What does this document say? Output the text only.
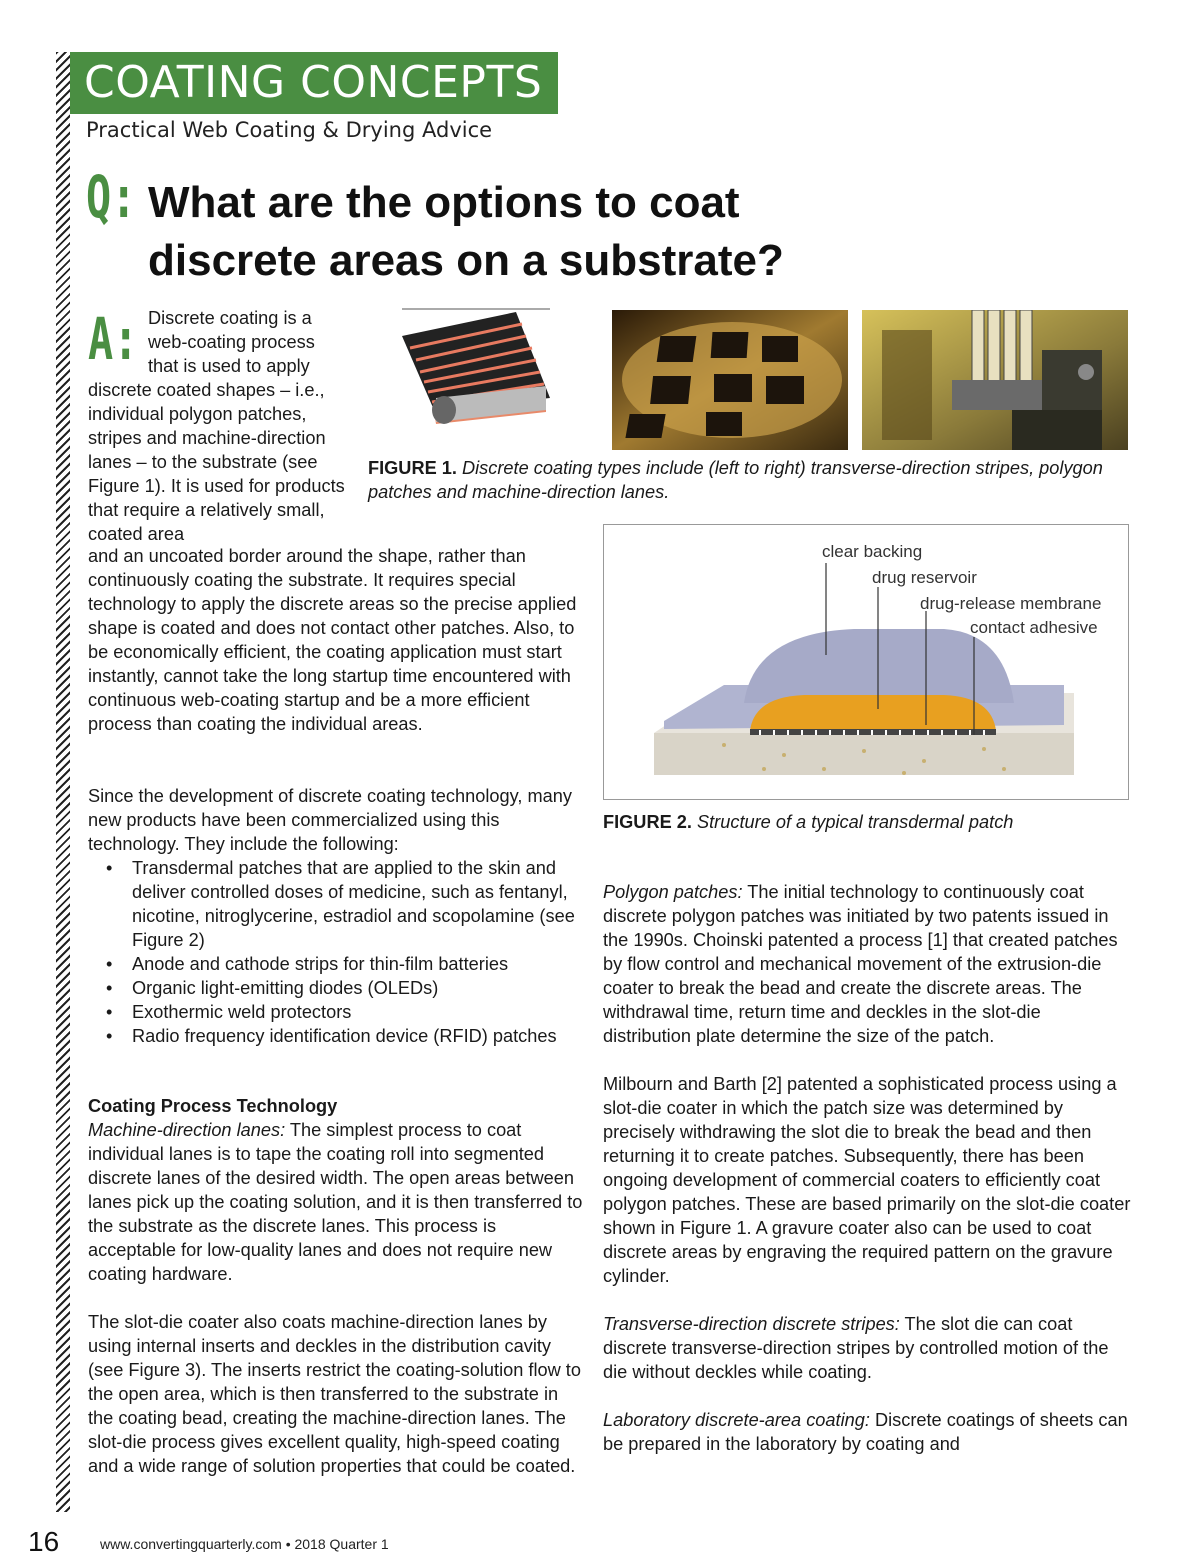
COATING CONCEPTS
Practical Web Coating & Drying Advice
Q: What are the options to coat discrete areas on a substrate?
A: Discrete coating is a web-coating process that is used to apply
discrete coated shapes – i.e., individual polygon patches, stripes and machine-direction lanes – to the substrate (see Figure 1). It is used for products that require a relatively small, coated area
and an uncoated border around the shape, rather than continuously coating the substrate. It requires special technology to apply the discrete areas so the precise applied shape is coated and does not contact other patches. Also, to be economically efficient, the coating application must start instantly, cannot take the long startup time encountered with continuous web-coating startup and be a more efficient process than coating the individual areas.
FIGURE 1. Discrete coating types include (left to right) transverse-direction stripes, polygon patches and machine-direction lanes.
clear backing
drug reservoir
drug-release membrane
contact adhesive
FIGURE 2. Structure of a typical transdermal patch
Since the development of discrete coating technology, many new products have been commercialized using this technology. They include the following:
• Transdermal patches that are applied to the skin and deliver controlled doses of medicine, such as fentanyl, nicotine, nitroglycerine, estradiol and scopolamine (see Figure 2)
• Anode and cathode strips for thin-film batteries
• Organic light-emitting diodes (OLEDs)
• Exothermic weld protectors
• Radio frequency identification device (RFID) patches
Coating Process Technology
Machine-direction lanes: The simplest process to coat individual lanes is to tape the coating roll into segmented discrete lanes of the desired width. The open areas between lanes pick up the coating solution, and it is then transferred to the substrate as the discrete lanes. This process is acceptable for low-quality lanes and does not require new coating hardware.
The slot-die coater also coats machine-direction lanes by using internal inserts and deckles in the distribution cavity (see Figure 3). The inserts restrict the coating-solution flow to the open area, which is then transferred to the substrate in the coating bead, creating the machine-direction lanes. The slot-die process gives excellent quality, high-speed coating and a wide range of solution properties that could be coated.
Polygon patches: The initial technology to continuously coat discrete polygon patches was initiated by two patents issued in the 1990s. Choinski patented a process [1] that created patches by flow control and mechanical movement of the extrusion-die coater to break the bead and create the discrete areas. The withdrawal time, return time and deckles in the slot-die distribution plate determine the size of the patch.
Milbourn and Barth [2] patented a sophisticated process using a slot-die coater in which the patch size was determined by precisely withdrawing the slot die to break the bead and then returning it to create patches. Subsequently, there has been ongoing development of commercial coaters to efficiently coat polygon patches. These are based primarily on the slot-die coater shown in Figure 1. A gravure coater also can be used to coat discrete areas by engraving the required pattern on the gravure cylinder.
Transverse-direction discrete stripes: The slot die can coat discrete transverse-direction stripes by controlled motion of the die without deckles while coating.
Laboratory discrete-area coating: Discrete coatings of sheets can be prepared in the laboratory by coating and
16	www.convertingquarterly.com • 2018 Quarter 1
